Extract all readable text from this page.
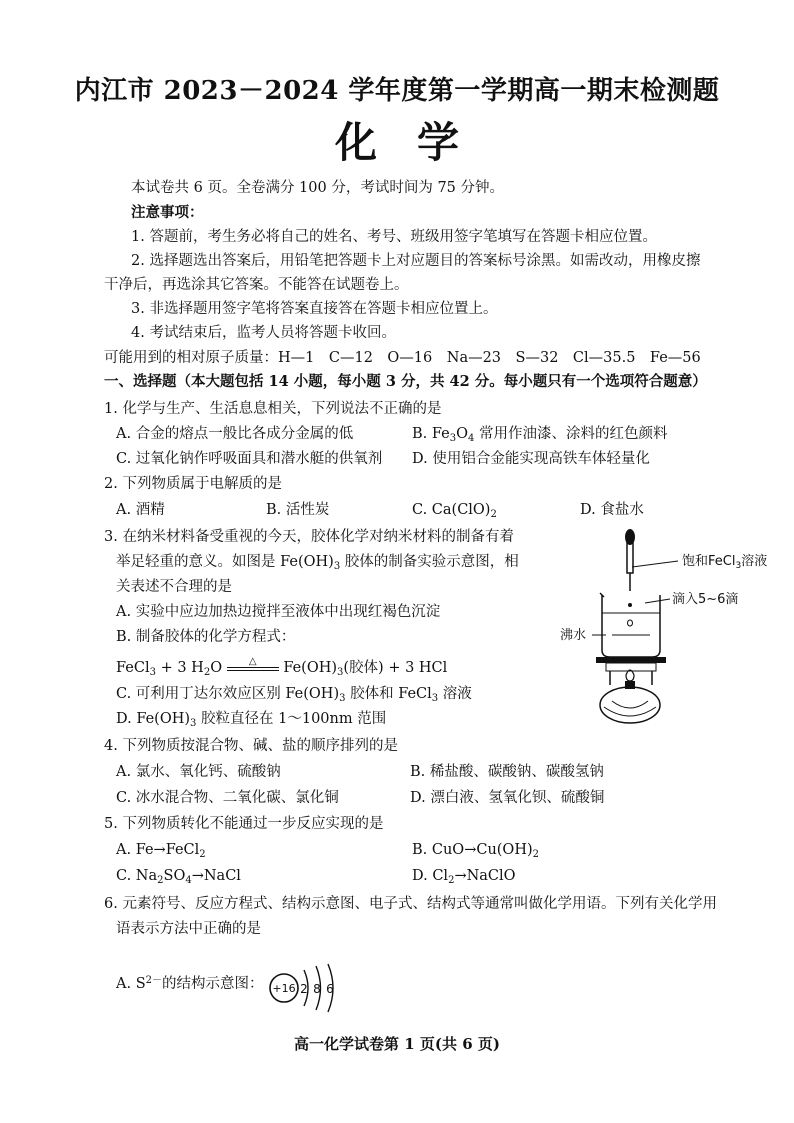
内江市 2023－2024 学年度第一学期高一期末检测题
化学
本试卷共 6 页。全卷满分 100 分，考试时间为 75 分钟。
注意事项：
1. 答题前，考生务必将自己的姓名、考号、班级用签字笔填写在答题卡相应位置。
2. 选择题选出答案后，用铅笔把答题卡上对应题目的答案标号涂黑。如需改动，用橡皮擦
干净后，再选涂其它答案。不能答在试题卷上。
3. 非选择题用签字笔将答案直接答在答题卡相应位置上。
4. 考试结束后，监考人员将答题卡收回。
可能用到的相对原子质量：H—1　C—12　O—16　Na—23　S—32　Cl—35.5　Fe—56
一、选择题（本大题包括 14 小题，每小题 3 分，共 42 分。每小题只有一个选项符合题意）
1. 化学与生产、生活息息相关，下列说法不正确的是
A. 合金的熔点一般比各成分金属的低	B. $Fe_3O_4$ 常用作油漆、涂料的红色颜料
C. 过氧化钠作呼吸面具和潜水艇的供氧剂 D. 使用铝合金能实现高铁车体轻量化
2. 下列物质属于电解质的是
A. 酒精	B. 活性炭	C. $Ca(ClO)_2$	D. 食盐水
3. 在纳米材料备受重视的今天，胶体化学对纳米材料的制备有着
举足轻重的意义。如图是 $Fe(OH)_3$ 胶体的制备实验示意图，相
关表述不合理的是
A. 实验中应边加热边搅拌至液体中出现红褐色沉淀
B. 制备胶体的化学方程式：
FeCl$_3$ + 3 $H_2O$	△	$Fe(OH)_3$(胶体) + 3 HCl
C. 可利用丁达尔效应区别 $Fe(OH)_3$ 胶体和 FeCl$_3$ 溶液
D. $Fe(OH)_3$ 胶粒直径在 1～100nm 范围
饱和FeCl$_3$溶液
滴入5~6滴
沸水
4. 下列物质按混合物、碱、盐的顺序排列的是
A. 氯水、氧化钙、硫酸钠	B. 稀盐酸、碳酸钠、碳酸氢钠
C. 冰水混合物、二氧化碳、氯化铜	D. 漂白液、氢氧化钡、硫酸铜
5. 下列物质转化不能通过一步反应实现的是
A. Fe→FeCl$_2$	B. $CuO\to Cu(OH)_2$
C. $Na_2SO_4\to NaCl$	D. $Cl_2\to NaClO$
6. 元素符号、反应方程式、结构示意图、电子式、结构式等通常叫做化学用语。下列有关化学用
语表示方法中正确的是
A. $S^{2-}$的结构示意图： +16 2 8 6
高一化学试卷第 1 页(共 6 页)
